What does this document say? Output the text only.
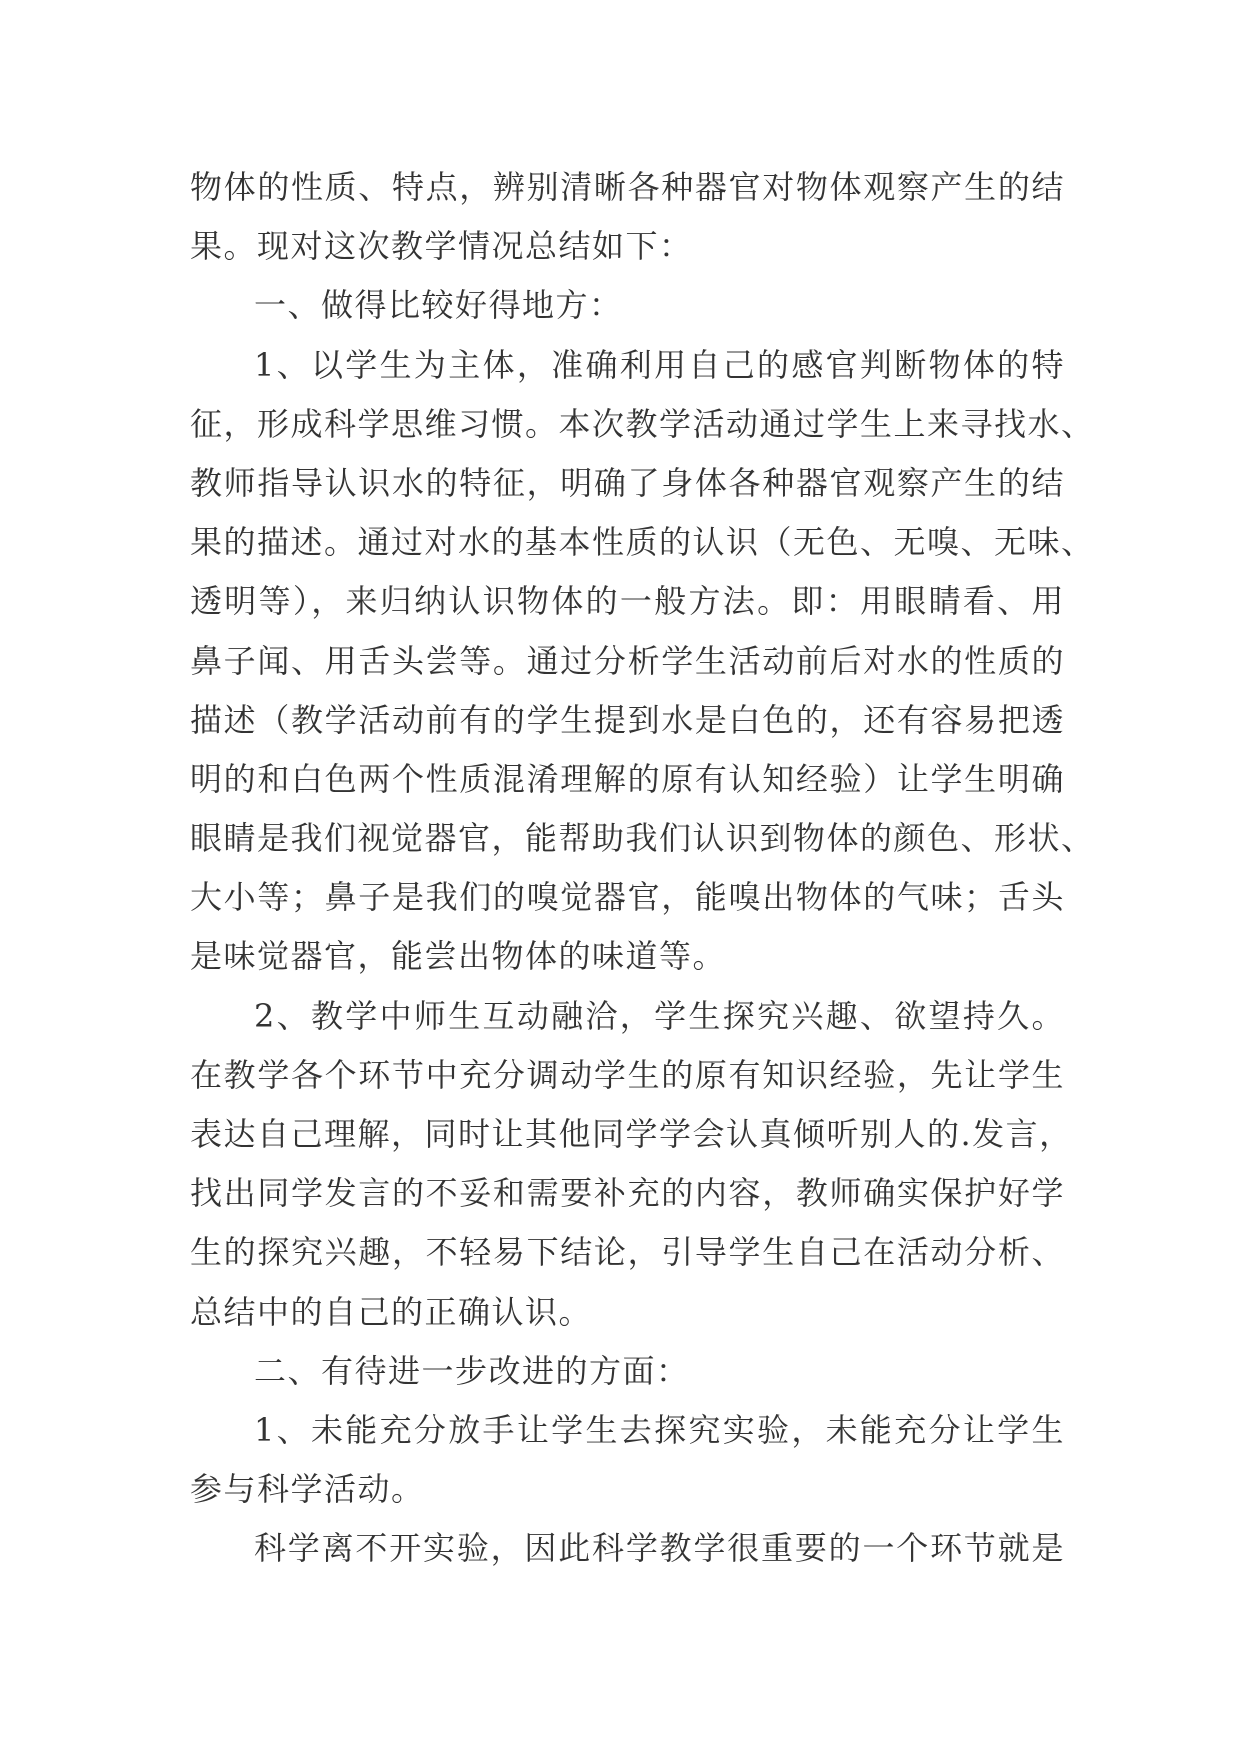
物体的性质、特点，辨别清晰各种器官对物体观察产生的结
果。现对这次教学情况总结如下：
一、做得比较好得地方：
1、以学生为主体，准确利用自己的感官判断物体的特
征，形成科学思维习惯。本次教学活动通过学生上来寻找水、
教师指导认识水的特征，明确了身体各种器官观察产生的结
果的描述。通过对水的基本性质的认识（无色、无嗅、无味、
透明等），来归纳认识物体的一般方法。即：用眼睛看、用
鼻子闻、用舌头尝等。通过分析学生活动前后对水的性质的
描述（教学活动前有的学生提到水是白色的，还有容易把透
明的和白色两个性质混淆理解的原有认知经验）让学生明确
眼睛是我们视觉器官，能帮助我们认识到物体的颜色、形状、
大小等；鼻子是我们的嗅觉器官，能嗅出物体的气味；舌头
是味觉器官，能尝出物体的味道等。
2、教学中师生互动融洽，学生探究兴趣、欲望持久。
在教学各个环节中充分调动学生的原有知识经验，先让学生
表达自己理解，同时让其他同学学会认真倾听别人的.发言，
找出同学发言的不妥和需要补充的内容，教师确实保护好学
生的探究兴趣，不轻易下结论，引导学生自己在活动分析、
总结中的自己的正确认识。
二、有待进一步改进的方面：
1、未能充分放手让学生去探究实验，未能充分让学生
参与科学活动。
科学离不开实验，因此科学教学很重要的一个环节就是
